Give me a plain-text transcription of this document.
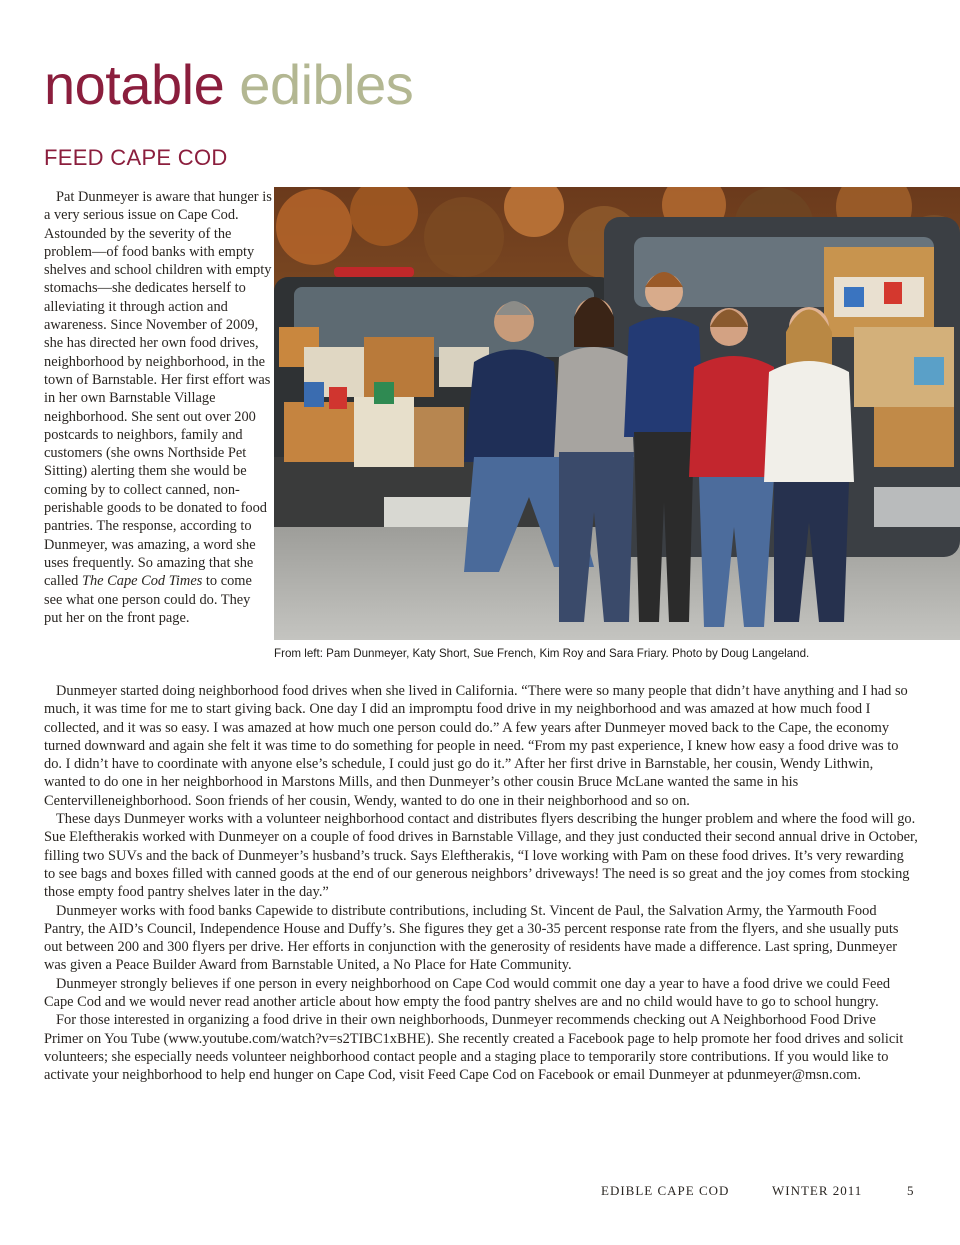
notable edibles
FEED CAPE COD

Pat Dunmeyer is aware that hunger is a very serious issue on Cape Cod. Astounded by the severity of the problem—of food banks with empty shelves and school children with empty stomachs—she dedicates herself to alleviating it through action and awareness. Since November of 2009, she has directed her own food drives, neighborhood by neighborhood, in the town of Barnstable. Her first effort was in her own Barnstable Village neighborhood. She sent out over 200 postcards to neighbors, family and customers (she owns Northside Pet Sitting) alerting them she would be coming by to collect canned, non-perishable goods to be donated to food pantries. The response, according to Dunmeyer, was amazing, a word she uses frequently. So amazing that she called The Cape Cod Times to come see what one person could do. They put her on the front page.

From left: Pam Dunmeyer, Katy Short, Sue French, Kim Roy and Sara Friary. Photo by Doug Langeland.

Dunmeyer started doing neighborhood food drives when she lived in California. “There were so many people that didn’t have anything and I had so much, it was time for me to start giving back. One day I did an impromptu food drive in my neighborhood and was amazed at how much food I collected, and it was so easy. I was amazed at how much one person could do.” A few years after Dunmeyer moved back to the Cape, the economy turned downward and again she felt it was time to do something for people in need. “From my past experience, I knew how easy a food drive was to do. I didn’t have to coordinate with anyone else’s schedule, I could just go do it.” After her first drive in Barnstable, her cousin, Wendy Lithwin, wanted to do one in her neighborhood in Marstons Mills, and then Dunmeyer’s other cousin Bruce McLane wanted the same in his Centervilleneighborhood. Soon friends of her cousin, Wendy, wanted to do one in their neighborhood and so on.

These days Dunmeyer works with a volunteer neighborhood contact and distributes flyers describing the hunger problem and where the food will go. Sue Eleftherakis worked with Dunmeyer on a couple of food drives in Barnstable Village, and they just conducted their second annual drive in October, filling two SUVs and the back of Dunmeyer’s husband’s truck. Says Eleftherakis, “I love working with Pam on these food drives. It’s very rewarding to see bags and boxes filled with canned goods at the end of our generous neighbors’ driveways! The need is so great and the joy comes from stocking those empty food pantry shelves later in the day.”

Dunmeyer works with food banks Capewide to distribute contributions, including St. Vincent de Paul, the Salvation Army, the Yarmouth Food Pantry, the AID’s Council, Independence House and Duffy’s. She figures they get a 30-35 percent response rate from the flyers, and she usually puts out between 200 and 300 flyers per drive. Her efforts in conjunction with the generosity of residents have made a difference. Last spring, Dunmeyer was given a Peace Builder Award from Barnstable United, a No Place for Hate Community.

Dunmeyer strongly believes if one person in every neighborhood on Cape Cod would commit one day a year to have a food drive we could Feed Cape Cod and we would never read another article about how empty the food pantry shelves are and no child would have to go to school hungry.

For those interested in organizing a food drive in their own neighborhoods, Dunmeyer recommends checking out A Neighborhood Food Drive Primer on You Tube (www.youtube.com/watch?v=s2TIBC1xBHE). She recently created a Facebook page to help promote her food drives and solicit volunteers; she especially needs volunteer neighborhood contact people and a staging place to temporarily store contributions. If you would like to activate your neighborhood to help end hunger on Cape Cod, visit Feed Cape Cod on Facebook or email Dunmeyer at pdunmeyer@msn.com.

EDIBLE CAPE COD	WINTER 2011	5
